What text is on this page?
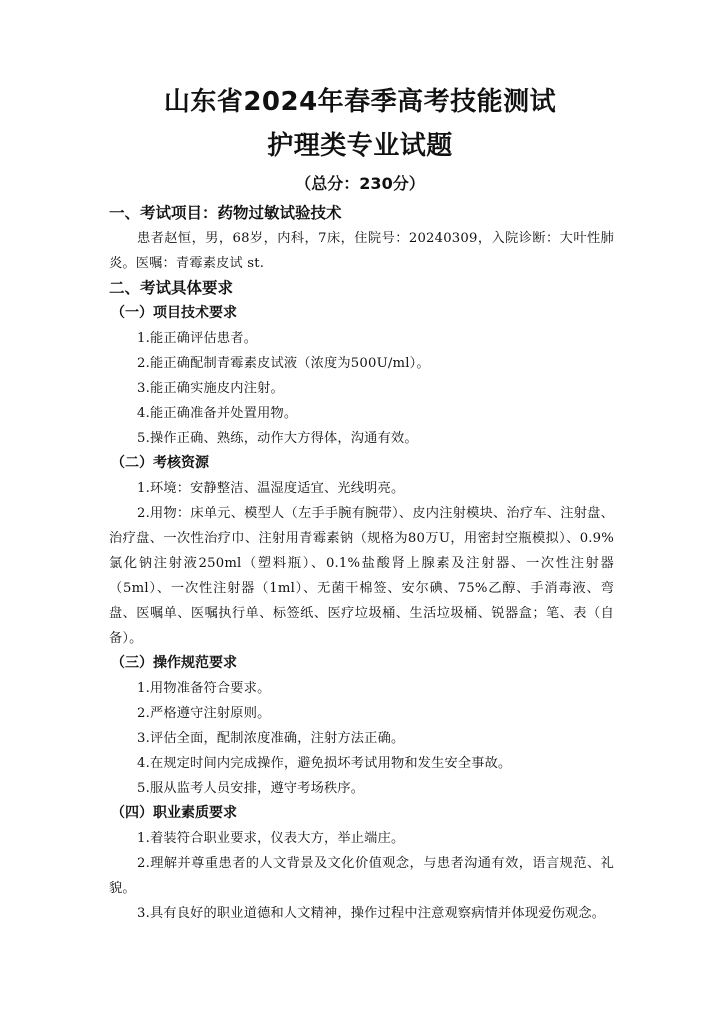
山东省2024年春季高考技能测试
护理类专业试题
（总分：230分）
一、考试项目：药物过敏试验技术
患者赵恒，男，68岁，内科，7床，住院号：20240309，入院诊断：大叶性肺炎。医嘱：青霉素皮试 st.
二、考试具体要求
（一）项目技术要求
1.能正确评估患者。
2.能正确配制青霉素皮试液（浓度为500U/ml）。
3.能正确实施皮内注射。
4.能正确准备并处置用物。
5.操作正确、熟练，动作大方得体，沟通有效。
（二）考核资源
1.环境：安静整洁、温湿度适宜、光线明亮。
2.用物：床单元、模型人（左手手腕有腕带）、皮内注射模块、治疗车、注射盘、治疗盘、一次性治疗巾、注射用青霉素钠（规格为80万U，用密封空瓶模拟）、0.9%氯化钠注射液250ml（塑料瓶）、0.1%盐酸肾上腺素及注射器、一次性注射器（5ml）、一次性注射器（1ml）、无菌干棉签、安尔碘、75%乙醇、手消毒液、弯盘、医嘱单、医嘱执行单、标签纸、医疗垃圾桶、生活垃圾桶、锐器盒；笔、表（自备）。
（三）操作规范要求
1.用物准备符合要求。
2.严格遵守注射原则。
3.评估全面，配制浓度准确，注射方法正确。
4.在规定时间内完成操作，避免损坏考试用物和发生安全事故。
5.服从监考人员安排，遵守考场秩序。
（四）职业素质要求
1.着装符合职业要求，仪表大方，举止端庄。
2.理解并尊重患者的人文背景及文化价值观念，与患者沟通有效，语言规范、礼貌。
3.具有良好的职业道德和人文精神，操作过程中注意观察病情并体现爱伤观念。
